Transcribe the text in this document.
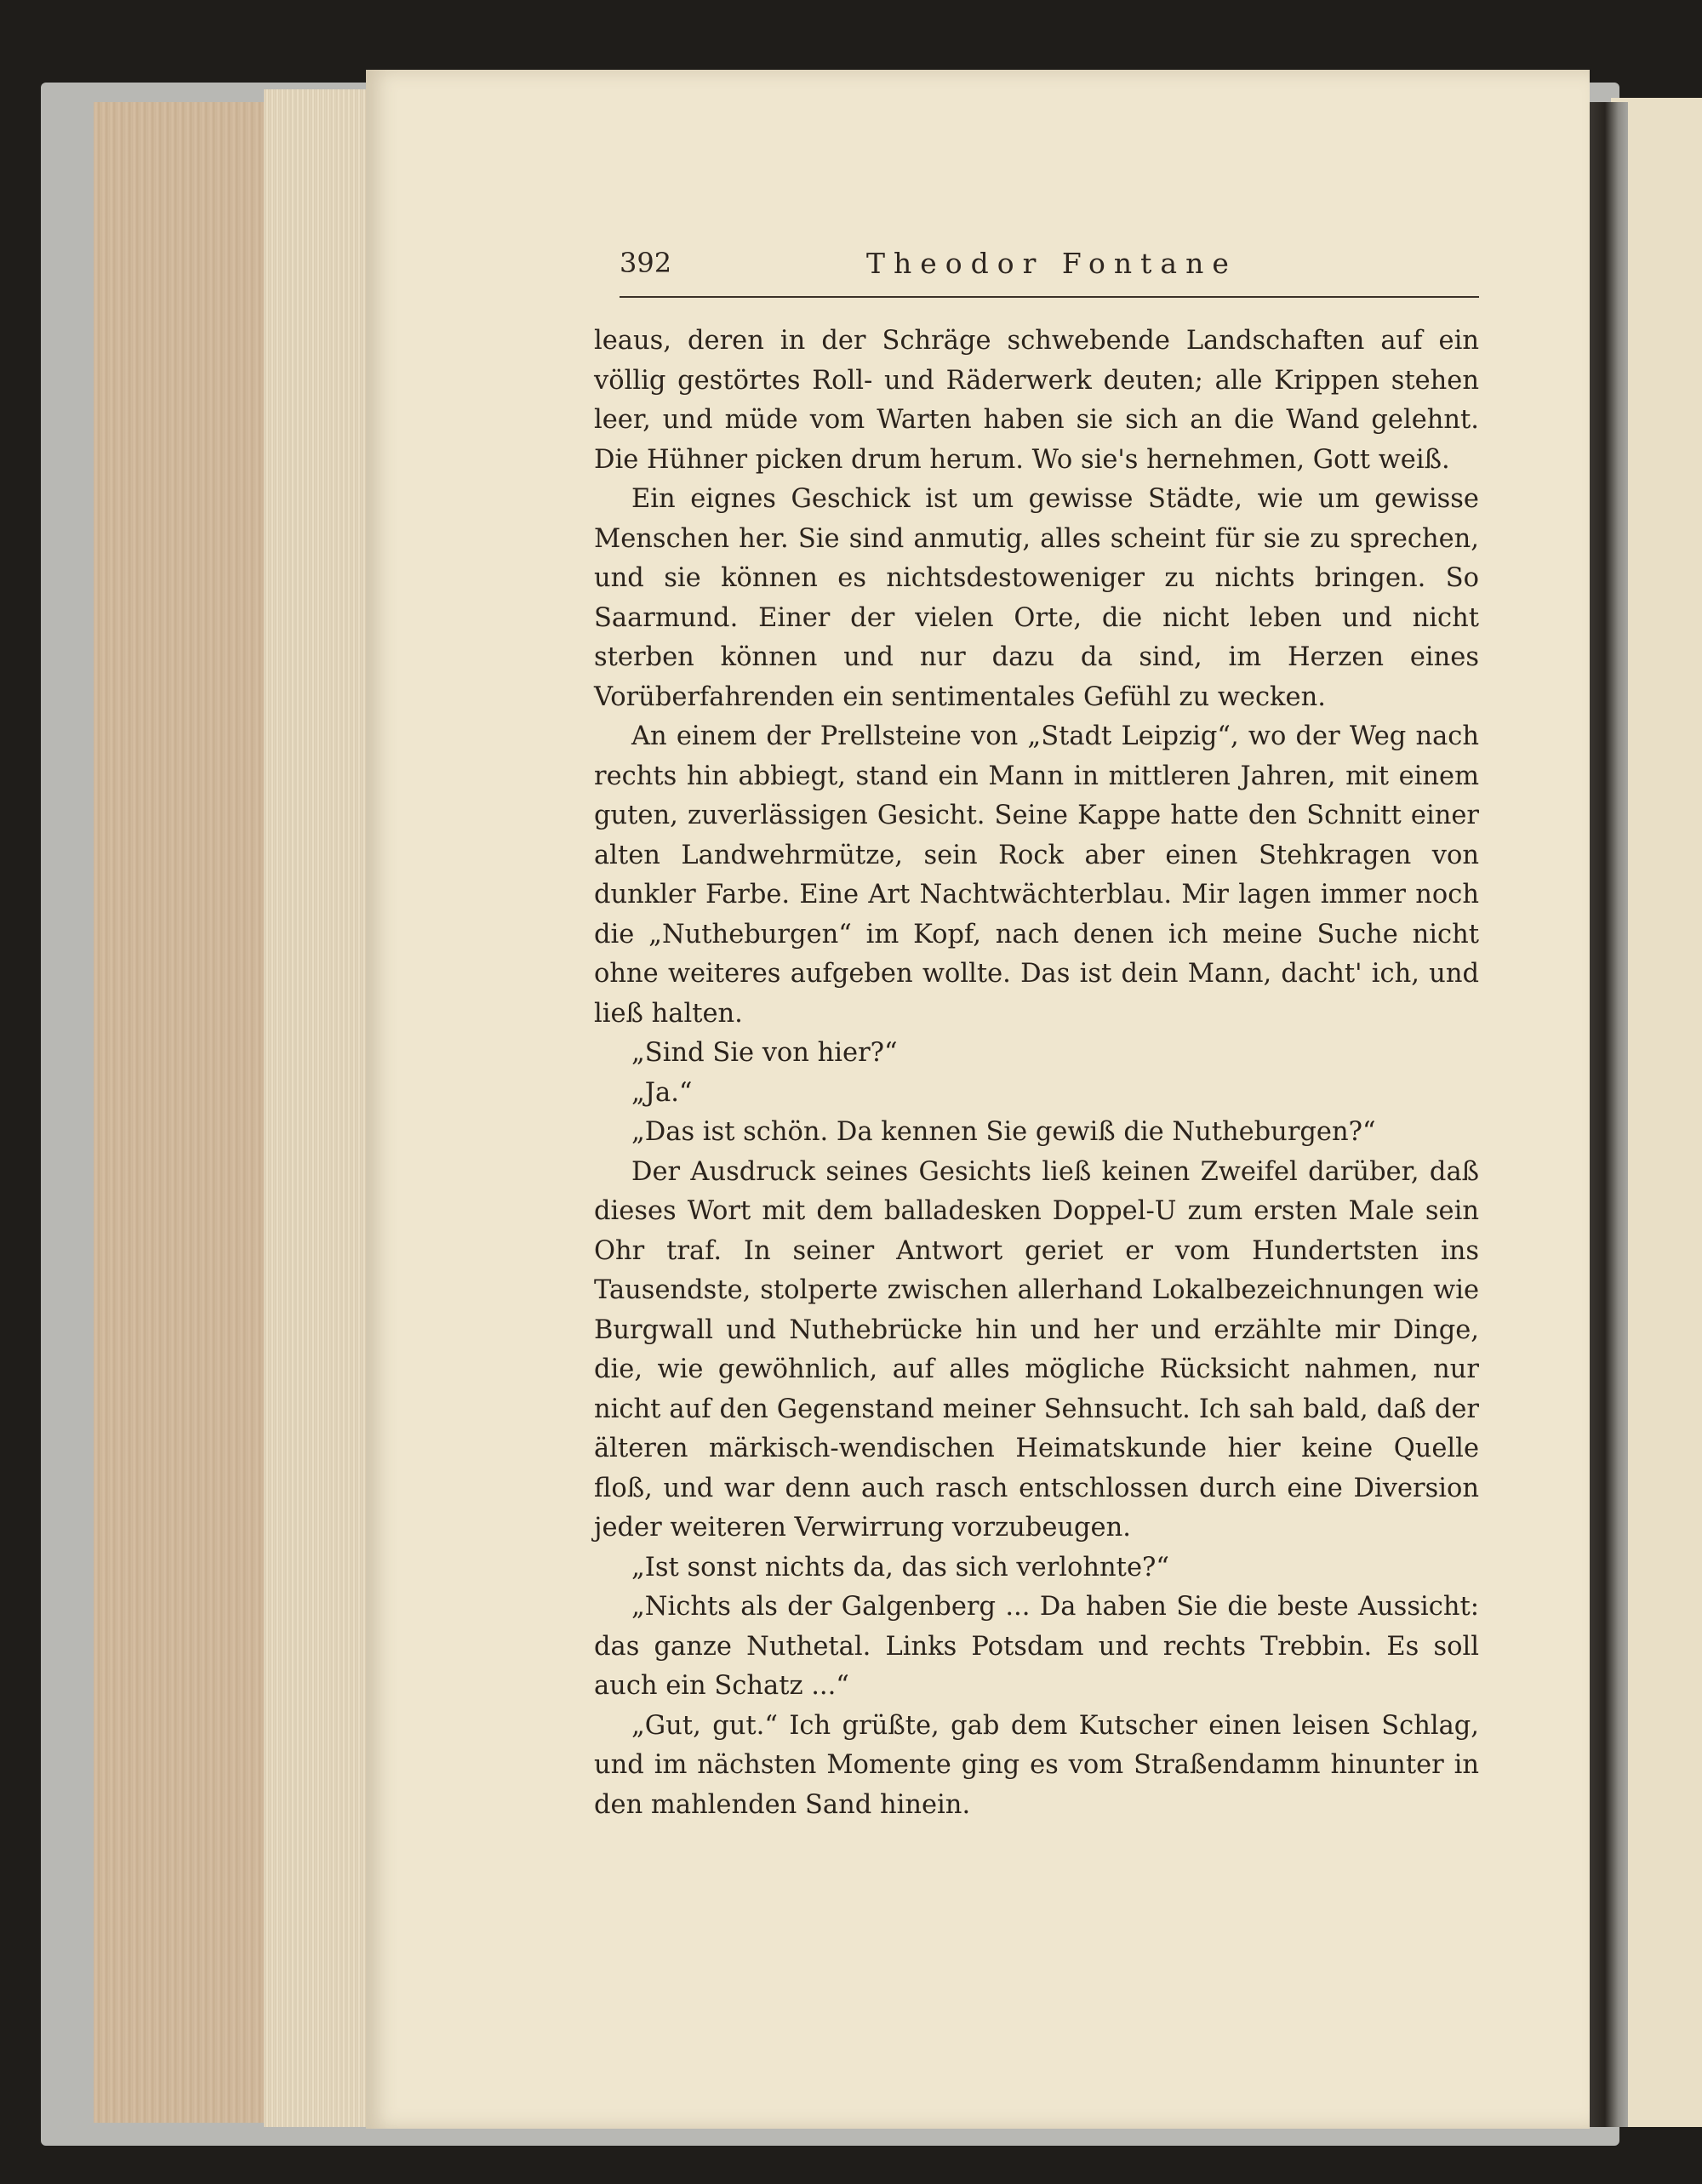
392	Theodor Fontane

leaus, deren in der Schräge schwebende Landschaften auf ein völlig gestörtes Roll- und Räderwerk deuten; alle Krippen stehen leer, und müde vom Warten haben sie sich an die Wand gelehnt. Die Hühner picken drum herum. Wo sie's hernehmen, Gott weiß.

Ein eignes Geschick ist um gewisse Städte, wie um gewisse Menschen her. Sie sind anmutig, alles scheint für sie zu sprechen, und sie können es nichtsdestoweniger zu nichts bringen. So Saarmund. Einer der vielen Orte, die nicht leben und nicht sterben können und nur dazu da sind, im Herzen eines Vorüberfahrenden ein sentimentales Gefühl zu wecken.

An einem der Prellsteine von „Stadt Leipzig“, wo der Weg nach rechts hin abbiegt, stand ein Mann in mittleren Jahren, mit einem guten, zuverlässigen Gesicht. Seine Kappe hatte den Schnitt einer alten Landwehrmütze, sein Rock aber einen Stehkragen von dunkler Farbe. Eine Art Nachtwächterblau. Mir lagen immer noch die „Nutheburgen“ im Kopf, nach denen ich meine Suche nicht ohne weiteres aufgeben wollte. Das ist dein Mann, dacht' ich, und ließ halten.

„Sind Sie von hier?“

„Ja.“

„Das ist schön. Da kennen Sie gewiß die Nutheburgen?“

Der Ausdruck seines Gesichts ließ keinen Zweifel darüber, daß dieses Wort mit dem balladesken Doppel-U zum ersten Male sein Ohr traf. In seiner Antwort geriet er vom Hundertsten ins Tausendste, stolperte zwischen allerhand Lokalbezeichnungen wie Burgwall und Nuthebrücke hin und her und erzählte mir Dinge, die, wie gewöhnlich, auf alles mögliche Rücksicht nahmen, nur nicht auf den Gegenstand meiner Sehnsucht. Ich sah bald, daß der älteren märkisch-wendischen Heimatskunde hier keine Quelle floß, und war denn auch rasch entschlossen durch eine Diversion jeder weiteren Verwirrung vorzubeugen.

„Ist sonst nichts da, das sich verlohnte?“

„Nichts als der Galgenberg ... Da haben Sie die beste Aussicht: das ganze Nuthetal. Links Potsdam und rechts Trebbin. Es soll auch ein Schatz ...“

„Gut, gut.“ Ich grüßte, gab dem Kutscher einen leisen Schlag, und im nächsten Momente ging es vom Straßendamm hinunter in den mahlenden Sand hinein.
